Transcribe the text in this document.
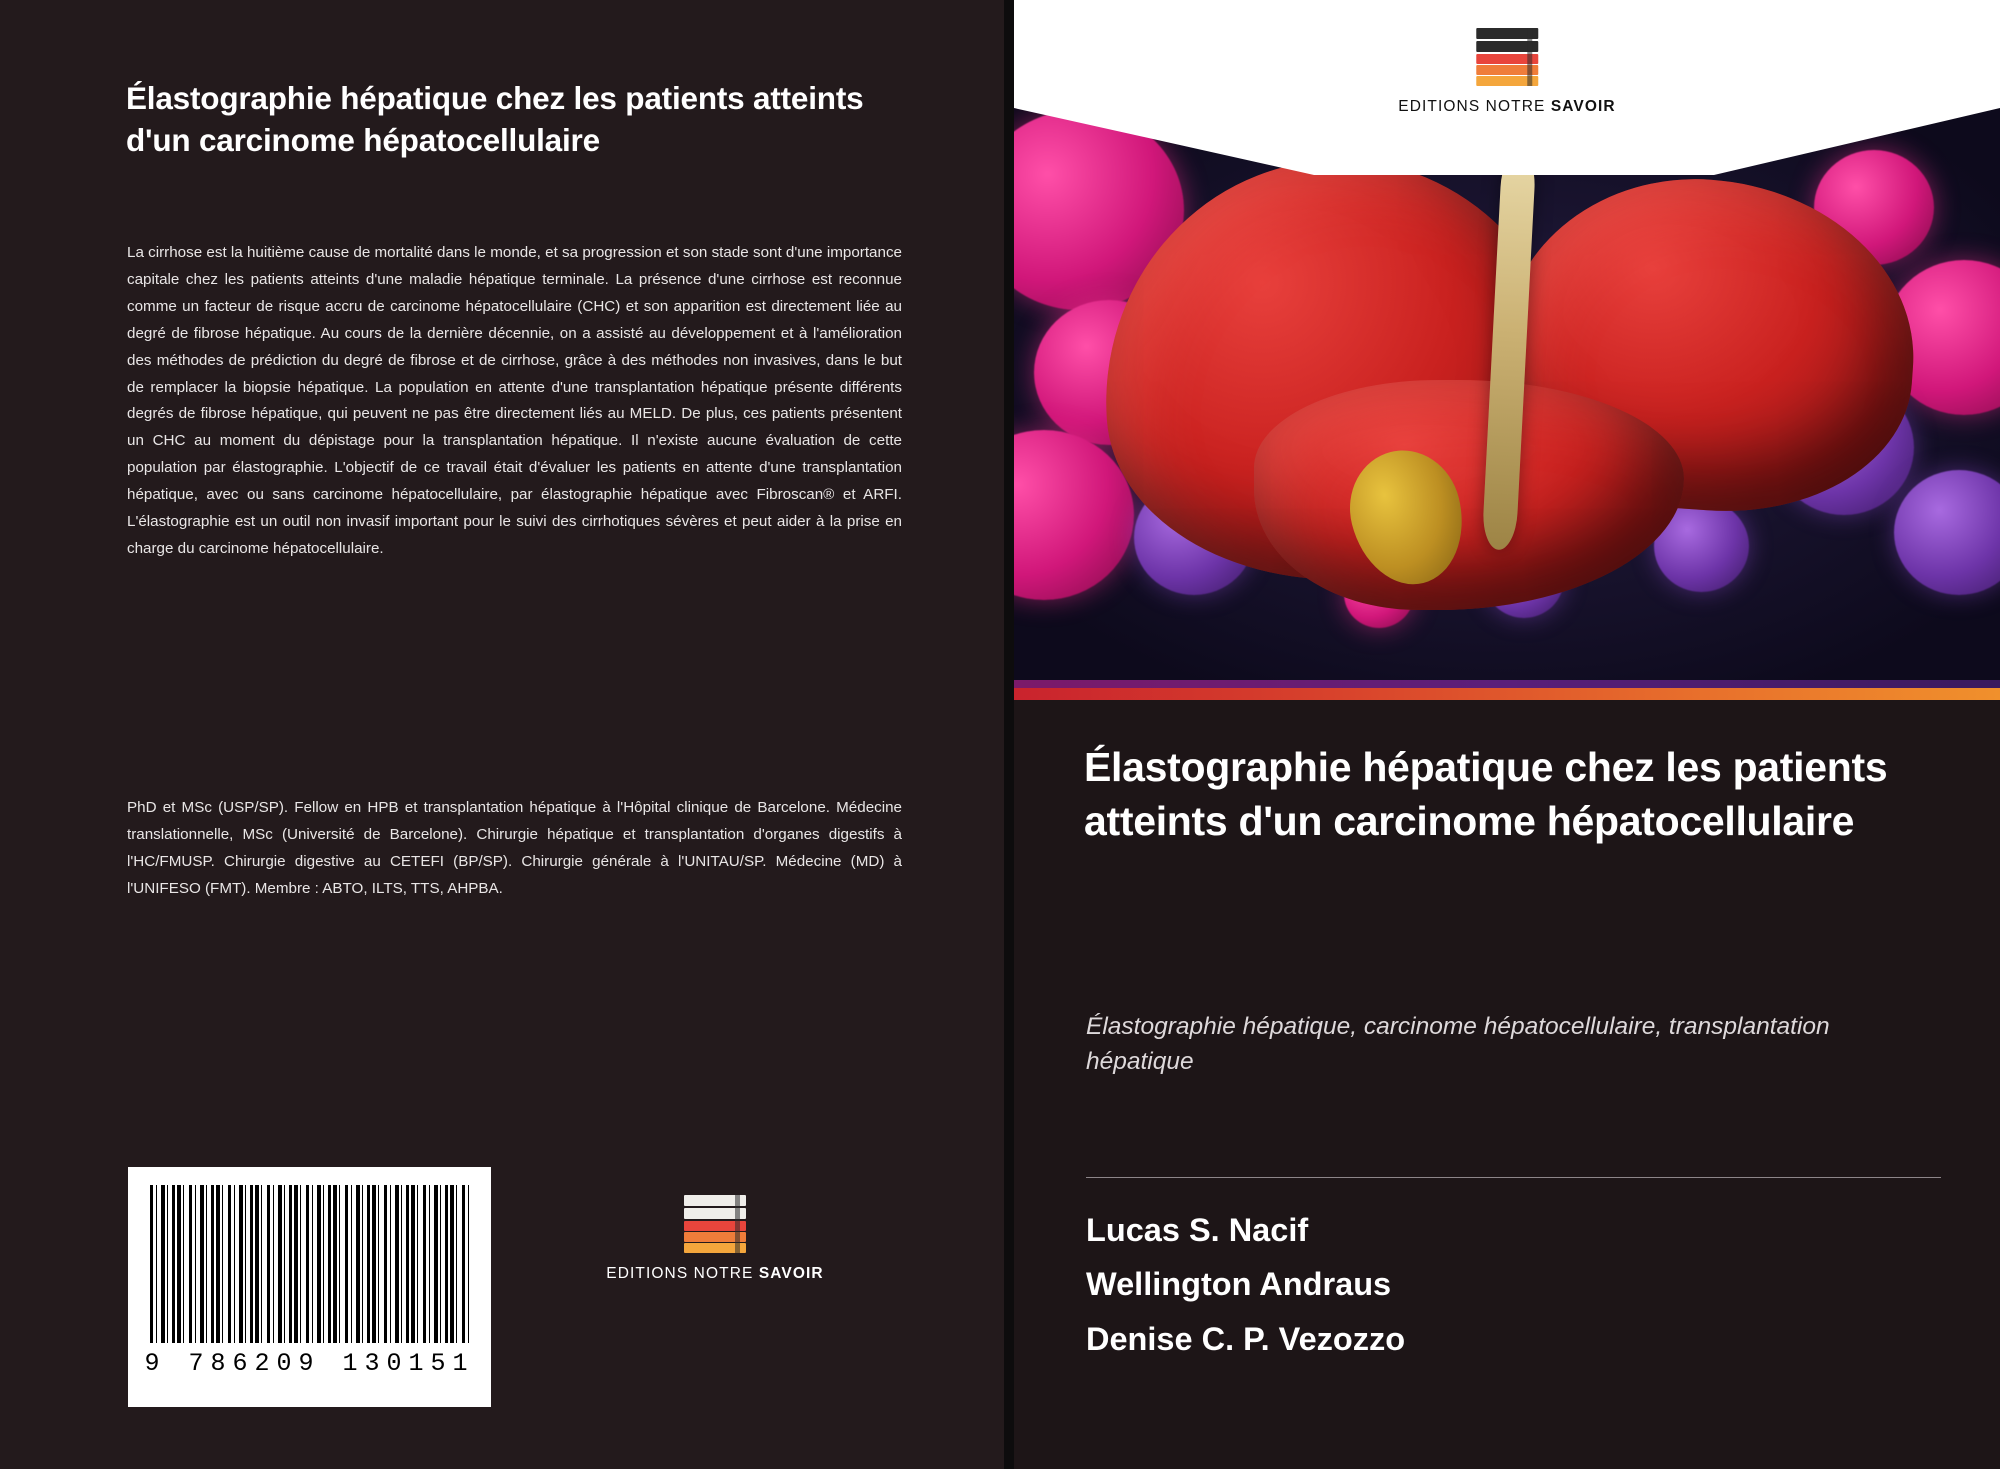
Élastographie hépatique chez les patients atteints d'un carcinome hépatocellulaire
La cirrhose est la huitième cause de mortalité dans le monde, et sa progression et son stade sont d'une importance capitale chez les patients atteints d'une maladie hépatique terminale. La présence d'une cirrhose est reconnue comme un facteur de risque accru de carcinome hépatocellulaire (CHC) et son apparition est directement liée au degré de fibrose hépatique. Au cours de la dernière décennie, on a assisté au développement et à l'amélioration des méthodes de prédiction du degré de fibrose et de cirrhose, grâce à des méthodes non invasives, dans le but de remplacer la biopsie hépatique. La population en attente d'une transplantation hépatique présente différents degrés de fibrose hépatique, qui peuvent ne pas être directement liés au MELD. De plus, ces patients présentent un CHC au moment du dépistage pour la transplantation hépatique. Il n'existe aucune évaluation de cette population par élastographie. L'objectif de ce travail était d'évaluer les patients en attente d'une transplantation hépatique, avec ou sans carcinome hépatocellulaire, par élastographie hépatique avec Fibroscan® et ARFI. L'élastographie est un outil non invasif important pour le suivi des cirrhotiques sévères et peut aider à la prise en charge du carcinome hépatocellulaire.
PhD et MSc (USP/SP). Fellow en HPB et transplantation hépatique à l'Hôpital clinique de Barcelone. Médecine translationnelle, MSc (Université de Barcelone). Chirurgie hépatique et transplantation d'organes digestifs à l'HC/FMUSP. Chirurgie digestive au CETEFI (BP/SP). Chirurgie générale à l'UNITAU/SP. Médecine (MD) à l'UNIFESO (FMT). Membre : ABTO, ILTS, TTS, AHPBA.
9 786209 130151
EDITIONS NOTRE SAVOIR
EDITIONS NOTRE SAVOIR
Élastographie hépatique chez les patients atteints d'un carcinome hépatocellulaire
Élastographie hépatique, carcinome hépatocellulaire, transplantation hépatique
Lucas S. Nacif
Wellington Andraus
Denise C. P. Vezozzo
